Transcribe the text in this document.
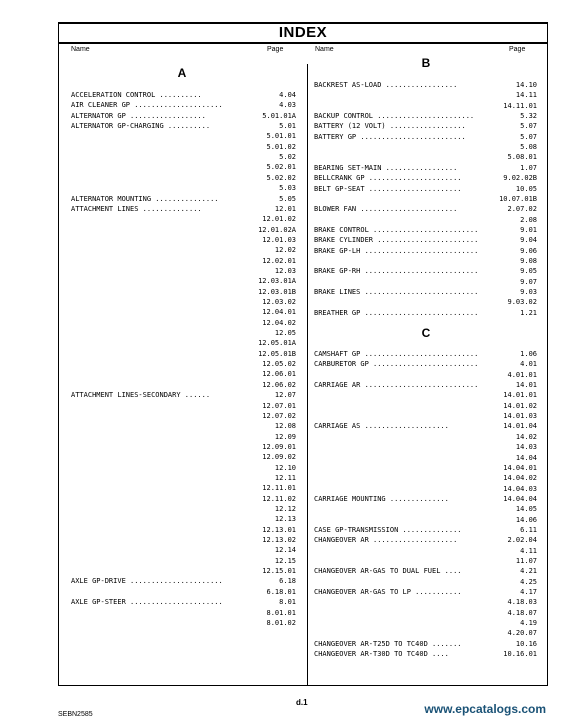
INDEX
Name	Page	Name	Page
A
B
C
ACCELERATION CONTROL ..........	4.04
AIR CLEANER GP .....................	4.03
ALTERNATOR GP ..................	5.01.01A
ALTERNATOR GP-CHARGING ..........	5.01
5.01.01
5.01.02
5.02
5.02.01
5.02.02
5.03
ALTERNATOR MOUNTING ...............	5.05
ATTACHMENT LINES ..............	12.01
12.01.02
12.01.02A
12.01.03
12.02
12.02.01
12.03
12.03.01A
12.03.01B
12.03.02
12.04.01
12.04.02
12.05
12.05.01A
12.05.01B
12.05.02
12.06.01
12.06.02
ATTACHMENT LINES-SECONDARY ......	12.07
12.07.01
12.07.02
12.08
12.09
12.09.01
12.09.02
12.10
12.11
12.11.01
12.11.02
12.12
12.13
12.13.01
12.13.02
12.14
12.15
12.15.01
AXLE GP-DRIVE ......................	6.18
6.18.01
AXLE GP-STEER ......................	8.01
8.01.01
8.01.02
BACKREST AS-LOAD .................	14.10
14.11
14.11.01
BACKUP CONTROL .......................	5.32
BATTERY (12 VOLT) ..................	5.07
BATTERY GP .........................	5.07
5.08
5.08.01
BEARING SET-MAIN .................	1.07
BELLCRANK GP ......................	9.02.02B
BELT GP-SEAT ......................	10.05
10.07.01B
BLOWER FAN .......................	2.07.02
2.08
BRAKE CONTROL .........................	9.01
BRAKE CYLINDER ........................	9.04
BRAKE GP-LH ...........................	9.06
9.08
BRAKE GP-RH ...........................	9.05
9.07
BRAKE LINES ...........................	9.03
9.03.02
BREATHER GP ...........................	1.21
CAMSHAFT GP ...........................	1.06
CARBURETOR GP .........................	4.01
4.01.01
CARRIAGE AR ...........................	14.01
14.01.01
14.01.02
14.01.03
CARRIAGE AS ....................	14.01.04
14.02
14.03
14.04
14.04.01
14.04.02
14.04.03
CARRIAGE MOUNTING ..............	14.04.04
14.05
14.06
CASE GP-TRANSMISSION ..............	6.11
CHANGEOVER AR ....................	2.02.04
4.11
11.07
CHANGEOVER AR-GAS TO DUAL FUEL ....	4.21
4.25
CHANGEOVER AR-GAS TO LP ...........	4.17
4.18.03
4.18.07
4.19
4.20.07
CHANGEOVER AR-T25D TO TC40D .......	10.16
CHANGEOVER AR-T30D TO TC40D ....	10.16.01
SEBN2585
d.1	www.epcatalogs.com
